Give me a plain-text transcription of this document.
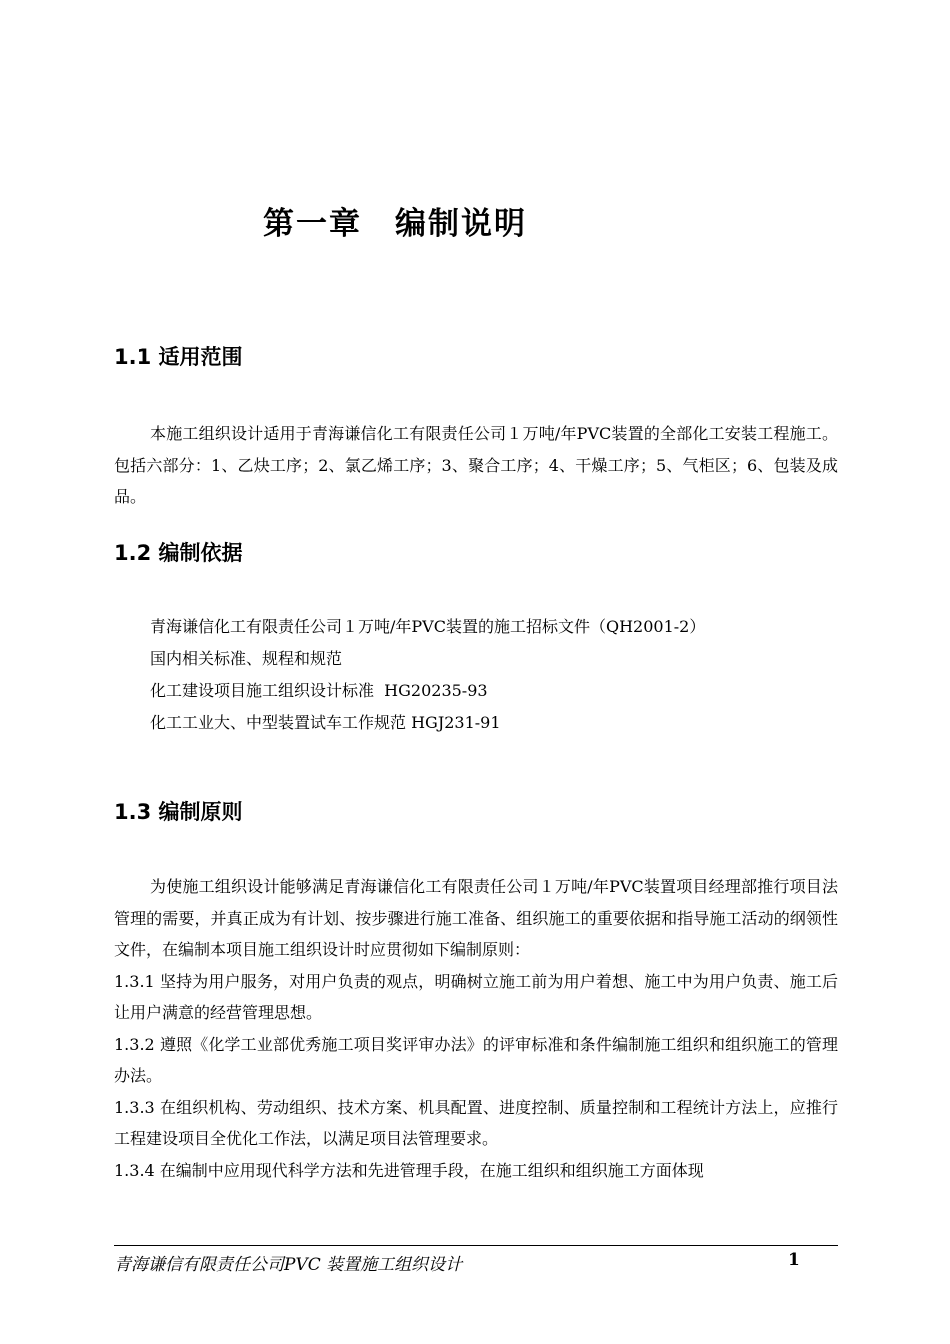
第一章　编制说明
1.1 适用范围

本施工组织设计适用于青海谦信化工有限责任公司１万吨/年PVC装置的全部化工安装工程施工。包括六部分：1、乙炔工序；2、氯乙烯工序；3、聚合工序；4、干燥工序；5、气柜区；6、包装及成品。

1.2 编制依据
青海谦信化工有限责任公司１万吨/年PVC装置的施工招标文件（QH2001-2）
国内相关标准、规程和规范
化工建设项目施工组织设计标准  HG20235-93
化工工业大、中型装置试车工作规范 HGJ231-91
1.3 编制原则

为使施工组织设计能够满足青海谦信化工有限责任公司１万吨/年PVC装置项目经理部推行项目法管理的需要，并真正成为有计划、按步骤进行施工准备、组织施工的重要依据和指导施工活动的纲领性文件，在编制本项目施工组织设计时应贯彻如下编制原则：

1.3.1 坚持为用户服务，对用户负责的观点，明确树立施工前为用户着想、施工中为用户负责、施工后让用户满意的经营管理思想。

1.3.2 遵照《化学工业部优秀施工项目奖评审办法》的评审标准和条件编制施工组织和组织施工的管理办法。

1.3.3 在组织机构、劳动组织、技术方案、机具配置、进度控制、质量控制和工程统计方法上，应推行工程建设项目全优化工作法，以满足项目法管理要求。

1.3.4 在编制中应用现代科学方法和先进管理手段，在施工组织和组织施工方面体现

青海谦信有限责任公司PVC 装置施工组织设计	1
